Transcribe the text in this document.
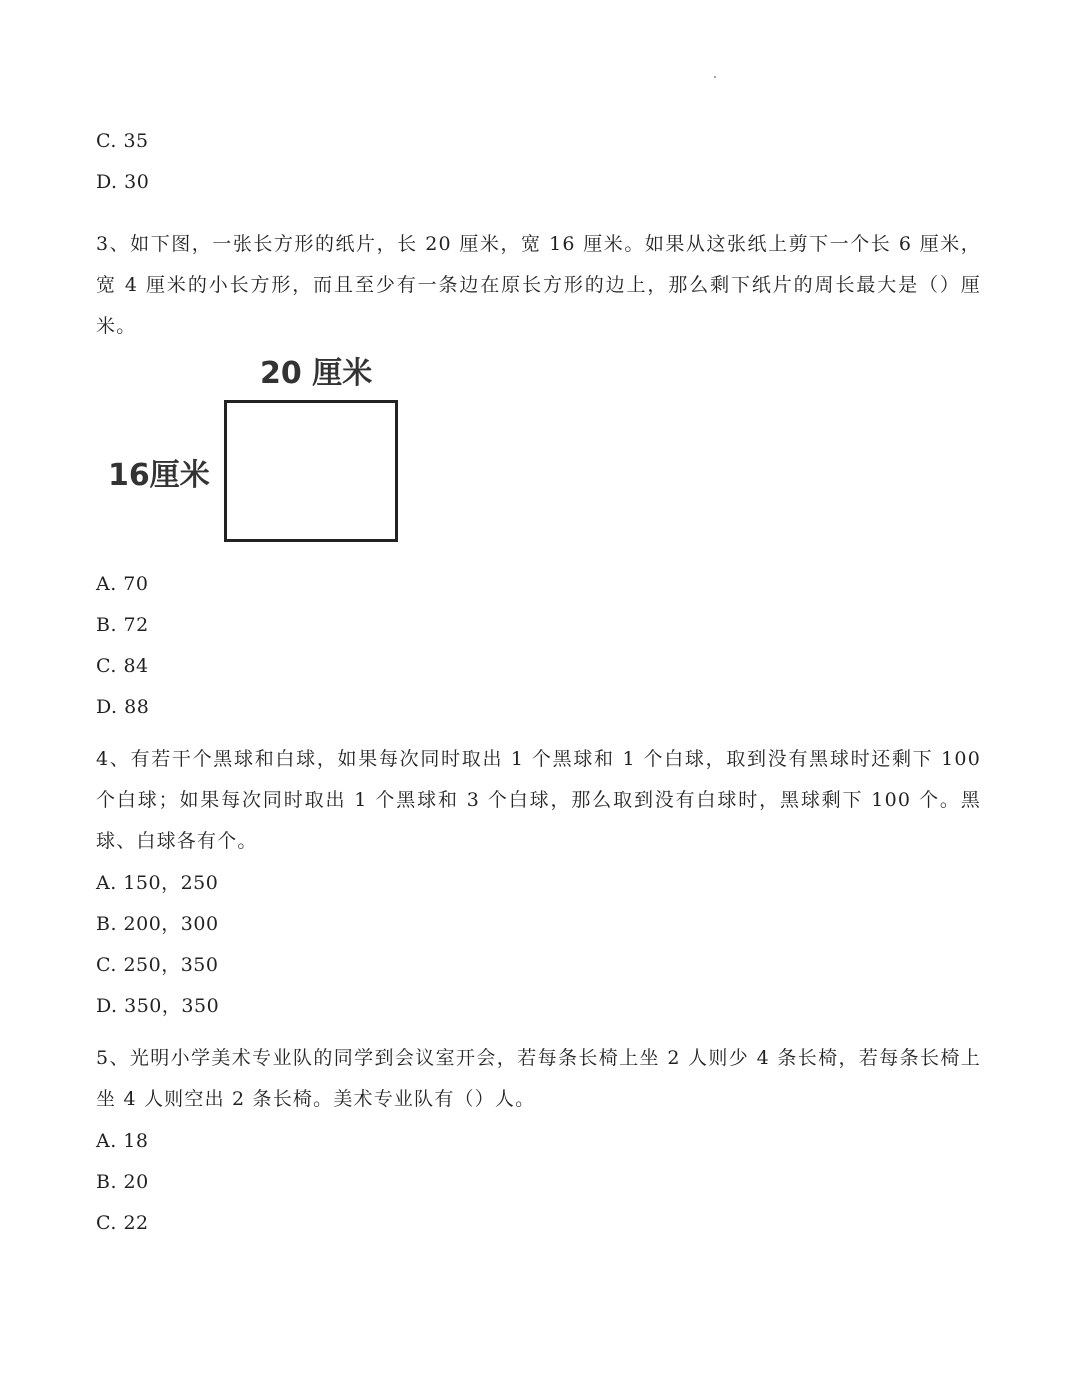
C. 35
D. 30
3、如下图，一张长方形的纸片，长 20 厘米，宽 16 厘米。如果从这张纸上剪下一个长 6 厘米，宽 4 厘米的小长方形，而且至少有一条边在原长方形的边上，那么剩下纸片的周长最大是（）厘米。
20 厘米
16厘米
A. 70
B. 72
C. 84
D. 88
4、有若干个黑球和白球，如果每次同时取出 1 个黑球和 1 个白球，取到没有黑球时还剩下 100 个白球；如果每次同时取出 1 个黑球和 3 个白球，那么取到没有白球时，黑球剩下 100 个。黑球、白球各有个。
A. 150，250
B. 200，300
C. 250，350
D. 350，350
5、光明小学美术专业队的同学到会议室开会，若每条长椅上坐 2 人则少 4 条长椅，若每条长椅上坐 4 人则空出 2 条长椅。美术专业队有（）人。
A. 18
B. 20
C. 22
